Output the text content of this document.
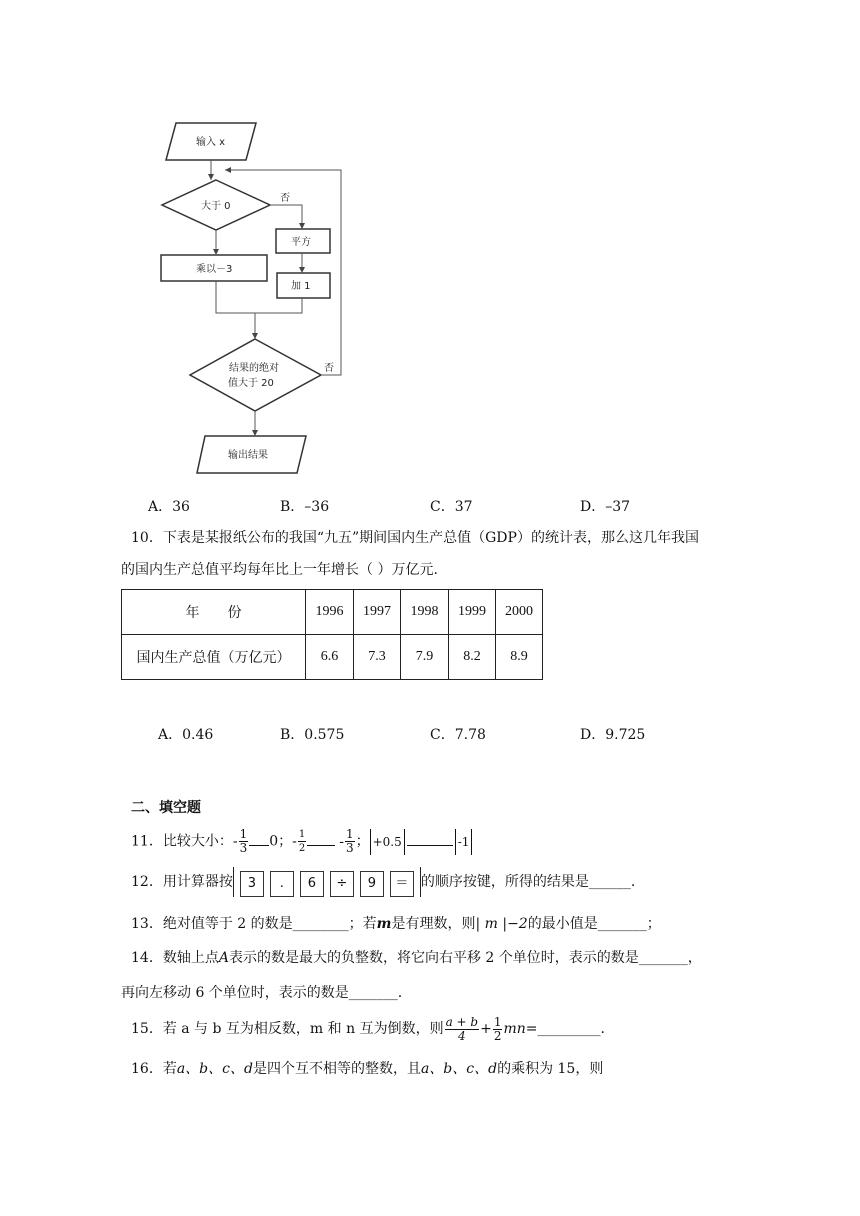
输入 x
大于 0
否
平方
乘以－3
加 1
结果的绝对
值大于 20
否
输出结果
A．36	B．–36	C．37	D．–37
10．下表是某报纸公布的我国“九五”期间国内生产总值（GDP）的统计表，那么这几年我国
的国内生产总值平均每年比上一年增长（ ）万亿元.
年　　份	1996	1997	1998	1999	2000
国内生产总值（万亿元）	6.6	7.3	7.9	8.2	8.9
A．0.46	B．0.575	C．7.78	D．9.725
二、填空题
11．比较大小：- $\frac{1}{3} 0$；- $\frac{1}{2} - \frac{1}{3}$ ； +0.5	-1
12．用计算器按 3 . 6 ÷ 9 ＝ 的顺序按键，所得的结果是______.
13．绝对值等于 2 的数是________；若m是有理数，则| m |−2的最小值是_______；
14．数轴上点A表示的数是最大的负整数，将它向右平移 2 个单位时，表示的数是_______，
再向左移动 6 个单位时，表示的数是_______.
15．若 a 与 b 互为相反数，m 和 n 互为倒数，则 $\frac{a + b}{4} + \frac{1}{2}$ mn=_________.
16．若a、b、c、d是四个互不相等的整数，且a、b、c、d的乘积为 15，则
